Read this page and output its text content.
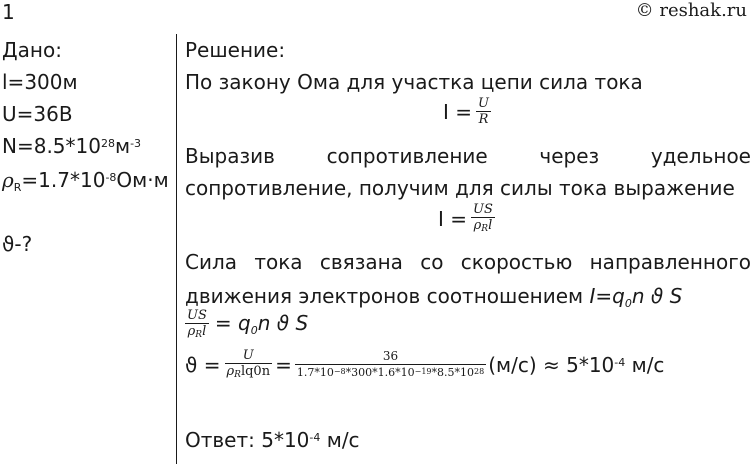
1	© reshak.ru
Дано:
l=300м
U=36В
$N=8.5*10^{28}м^{-3}$
$\rho_R=1.7*10^{-8}Ом\cdot м$
ϑ-?
Решение:
По закону Ома для участка цепи сила тока
$I = \frac{U}{R}$
Выразив	сопротивление	через	удельное
сопротивление, получим для силы тока выражение
$I = \frac{US}{\rho_Rl}$
Сила тока связана со скоростью направленного
движения электронов соотношением $I=q_0n$ ϑ S
$\frac{US}{\rho_Rl} = q_0n$ ϑ S
$ϑ = \frac{U}{\rho_Rlq0n} = \frac{36}{1.7*10^{-8}*300*1.6*10^{-19}*8.5*10^{28}} (м/с) \approx 5*10^{-4}$ м/с
Ответ: $5*10^{-4}$ м/с
